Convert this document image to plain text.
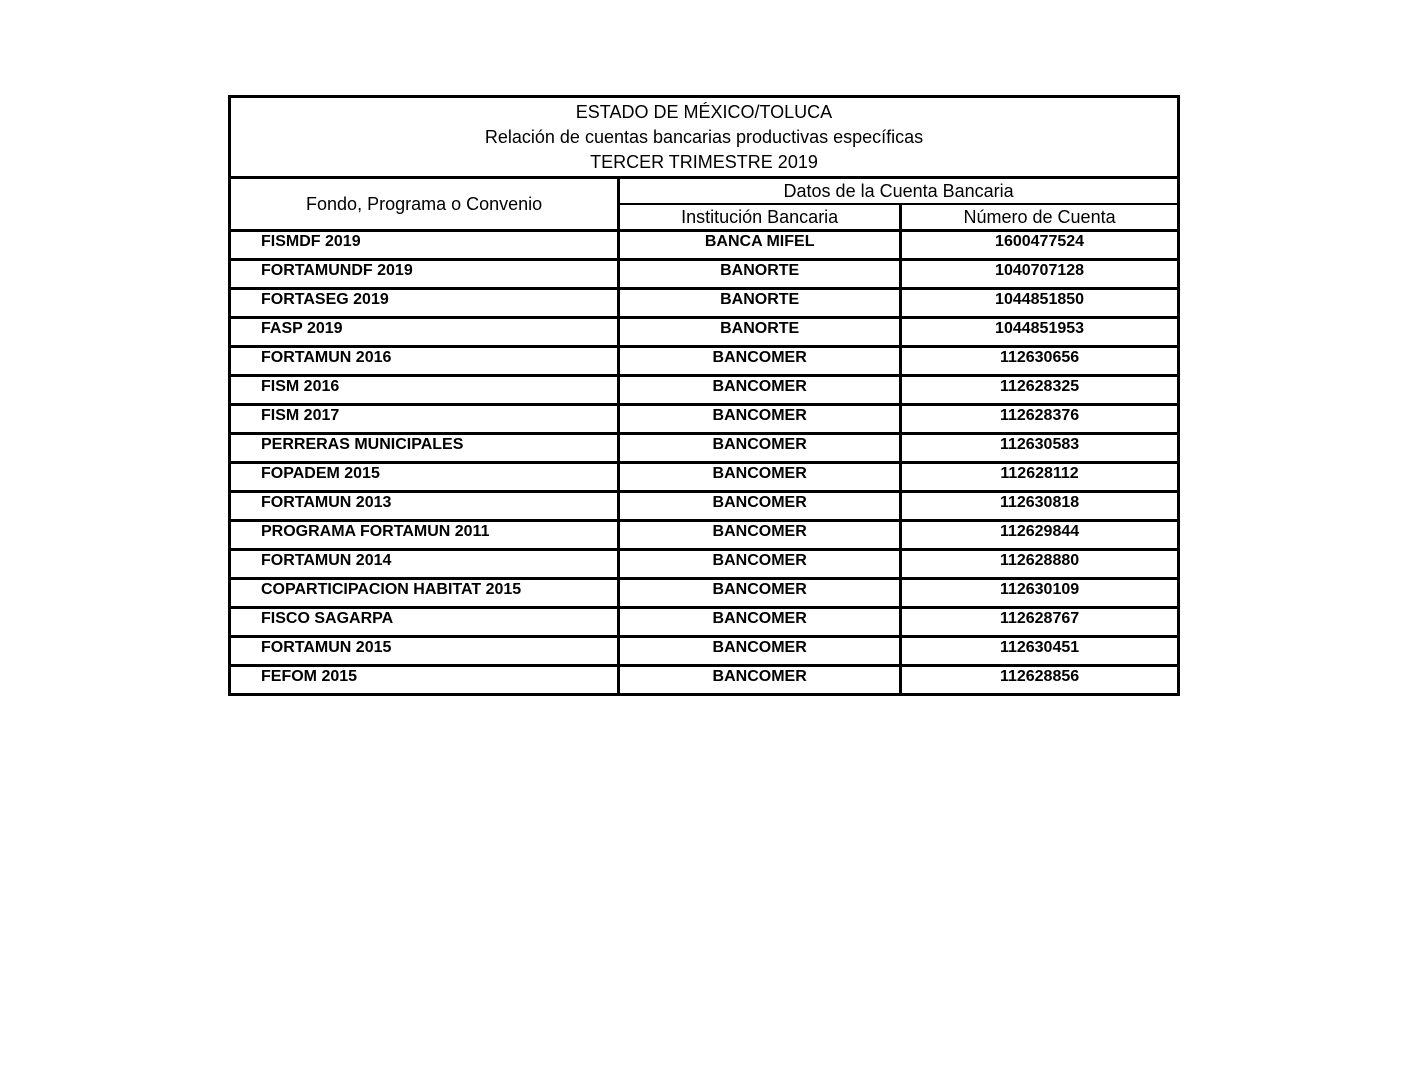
ESTADO DE MÉXICO/TOLUCA
Relación de cuentas bancarias productivas específicas
TERCER TRIMESTRE 2019		

Fondo, Programa o Convenio	Datos de la Cuenta Bancaria	
	Institución Bancaria	Número de Cuenta
FISMDF 2019	BANCA MIFEL	1600477524
FORTAMUNDF 2019	BANORTE	1040707128
FORTASEG 2019	BANORTE	1044851850
FASP 2019	BANORTE	1044851953
FORTAMUN 2016	BANCOMER	112630656
FISM 2016	BANCOMER	112628325
FISM 2017	BANCOMER	112628376
PERRERAS MUNICIPALES	BANCOMER	112630583
FOPADEM 2015	BANCOMER	112628112
FORTAMUN 2013	BANCOMER	112630818
PROGRAMA FORTAMUN 2011	BANCOMER	112629844
FORTAMUN 2014	BANCOMER	112628880
COPARTICIPACION HABITAT 2015	BANCOMER	112630109
FISCO SAGARPA	BANCOMER	112628767
FORTAMUN 2015	BANCOMER	112630451
FEFOM 2015	BANCOMER	112628856
